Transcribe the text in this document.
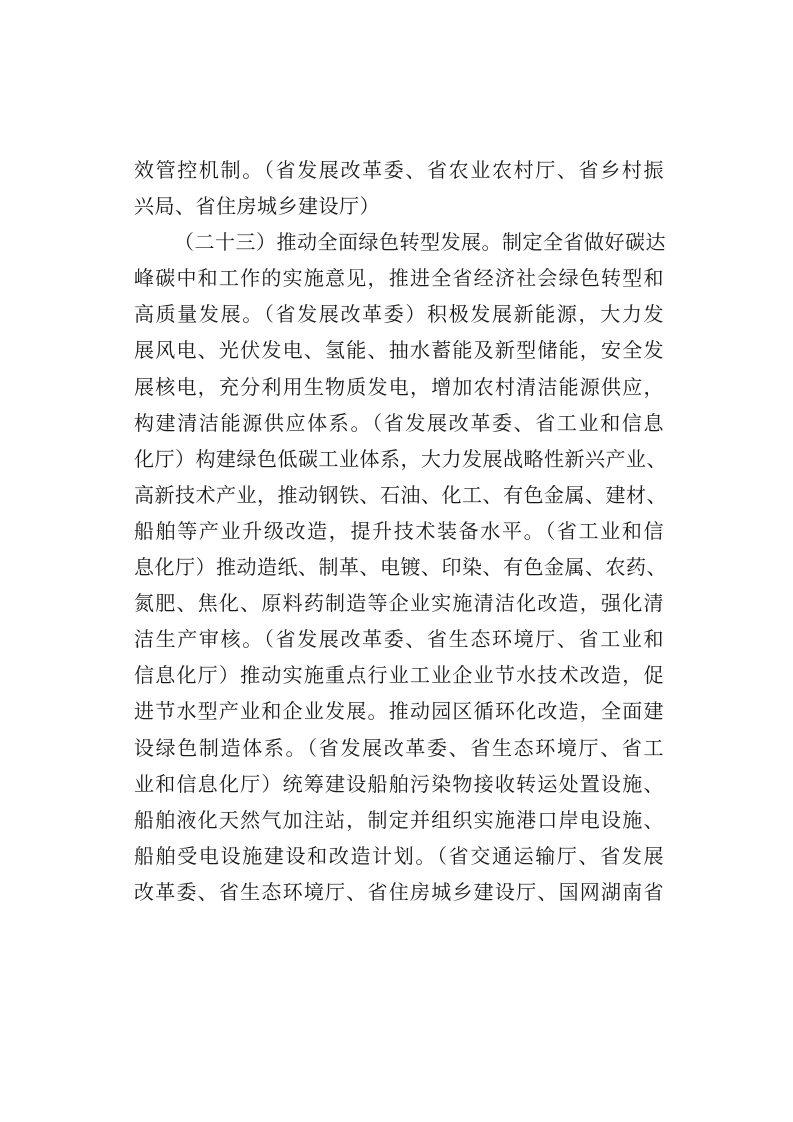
效管控机制。（省发展改革委、省农业农村厅、省乡村振
兴局、省住房城乡建设厅）
（二十三）推动全面绿色转型发展。制定全省做好碳达
峰碳中和工作的实施意见，推进全省经济社会绿色转型和
高质量发展。（省发展改革委）积极发展新能源，大力发
展风电、光伏发电、氢能、抽水蓄能及新型储能，安全发
展核电，充分利用生物质发电，增加农村清洁能源供应，
构建清洁能源供应体系。（省发展改革委、省工业和信息
化厅）构建绿色低碳工业体系，大力发展战略性新兴产业、
高新技术产业，推动钢铁、石油、化工、有色金属、建材、
船舶等产业升级改造，提升技术装备水平。（省工业和信
息化厅）推动造纸、制革、电镀、印染、有色金属、农药、
氮肥、焦化、原料药制造等企业实施清洁化改造，强化清
洁生产审核。（省发展改革委、省生态环境厅、省工业和
信息化厅）推动实施重点行业工业企业节水技术改造，促
进节水型产业和企业发展。推动园区循环化改造，全面建
设绿色制造体系。（省发展改革委、省生态环境厅、省工
业和信息化厅）统筹建设船舶污染物接收转运处置设施、
船舶液化天然气加注站，制定并组织实施港口岸电设施、
船舶受电设施建设和改造计划。（省交通运输厅、省发展
改革委、省生态环境厅、省住房城乡建设厅、国网湖南省
